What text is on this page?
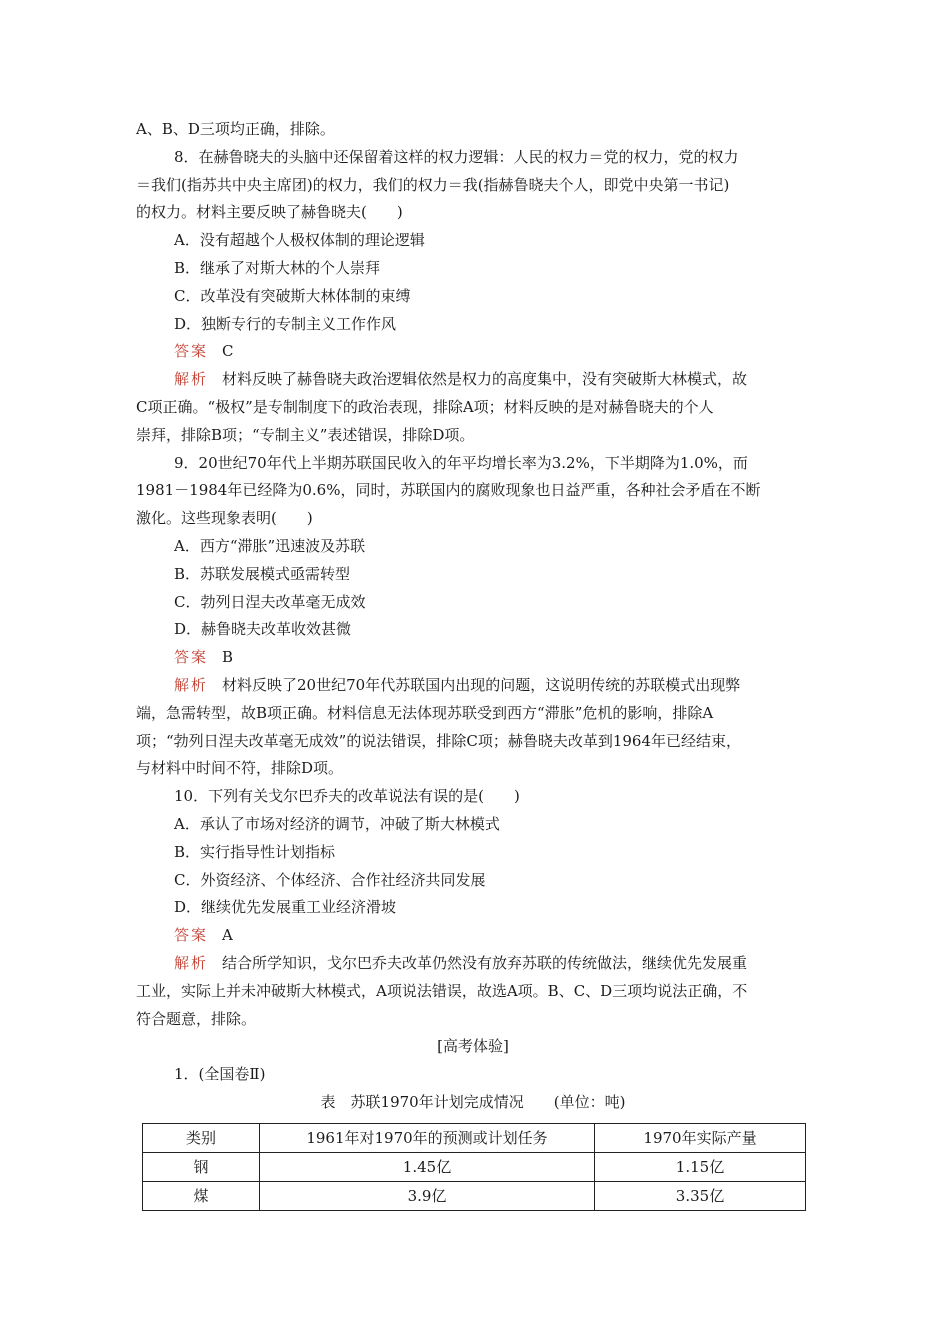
A、B、D三项均正确，排除。
8．在赫鲁晓夫的头脑中还保留着这样的权力逻辑：人民的权力＝党的权力，党的权力
＝我们(指苏共中央主席团)的权力，我们的权力＝我(指赫鲁晓夫个人，即党中央第一书记)
的权力。材料主要反映了赫鲁晓夫(　　)
A．没有超越个人极权体制的理论逻辑
B．继承了对斯大林的个人崇拜
C．改革没有突破斯大林体制的束缚
D．独断专行的专制主义工作作风
答案 C
解析 材料反映了赫鲁晓夫政治逻辑依然是权力的高度集中，没有突破斯大林模式，故
C项正确。“极权”是专制制度下的政治表现，排除A项；材料反映的是对赫鲁晓夫的个人
崇拜，排除B项；“专制主义”表述错误，排除D项。
9．20世纪70年代上半期苏联国民收入的年平均增长率为3.2%，下半期降为1.0%，而
1981－1984年已经降为0.6%，同时，苏联国内的腐败现象也日益严重，各种社会矛盾在不断
激化。这些现象表明(　　)
A．西方“滞胀”迅速波及苏联
B．苏联发展模式亟需转型
C．勃列日涅夫改革毫无成效
D．赫鲁晓夫改革收效甚微
答案 B
解析 材料反映了20世纪70年代苏联国内出现的问题，这说明传统的苏联模式出现弊
端，急需转型，故B项正确。材料信息无法体现苏联受到西方“滞胀”危机的影响，排除A
项；“勃列日涅夫改革毫无成效”的说法错误，排除C项；赫鲁晓夫改革到1964年已经结束，
与材料中时间不符，排除D项。
10．下列有关戈尔巴乔夫的改革说法有误的是(　　)
A．承认了市场对经济的调节，冲破了斯大林模式
B．实行指导性计划指标
C．外资经济、个体经济、合作社经济共同发展
D．继续优先发展重工业经济滑坡
答案 A
解析 结合所学知识，戈尔巴乔夫改革仍然没有放弃苏联的传统做法，继续优先发展重
工业，实际上并未冲破斯大林模式，A项说法错误，故选A项。B、C、D三项均说法正确，不
符合题意，排除。
[高考体验]
1．(全国卷Ⅱ)
表　苏联1970年计划完成情况　　(单位：吨)
类别	1961年对1970年的预测或计划任务	1970年实际产量
钢	1.45亿	1.15亿
煤	3.9亿	3.35亿
